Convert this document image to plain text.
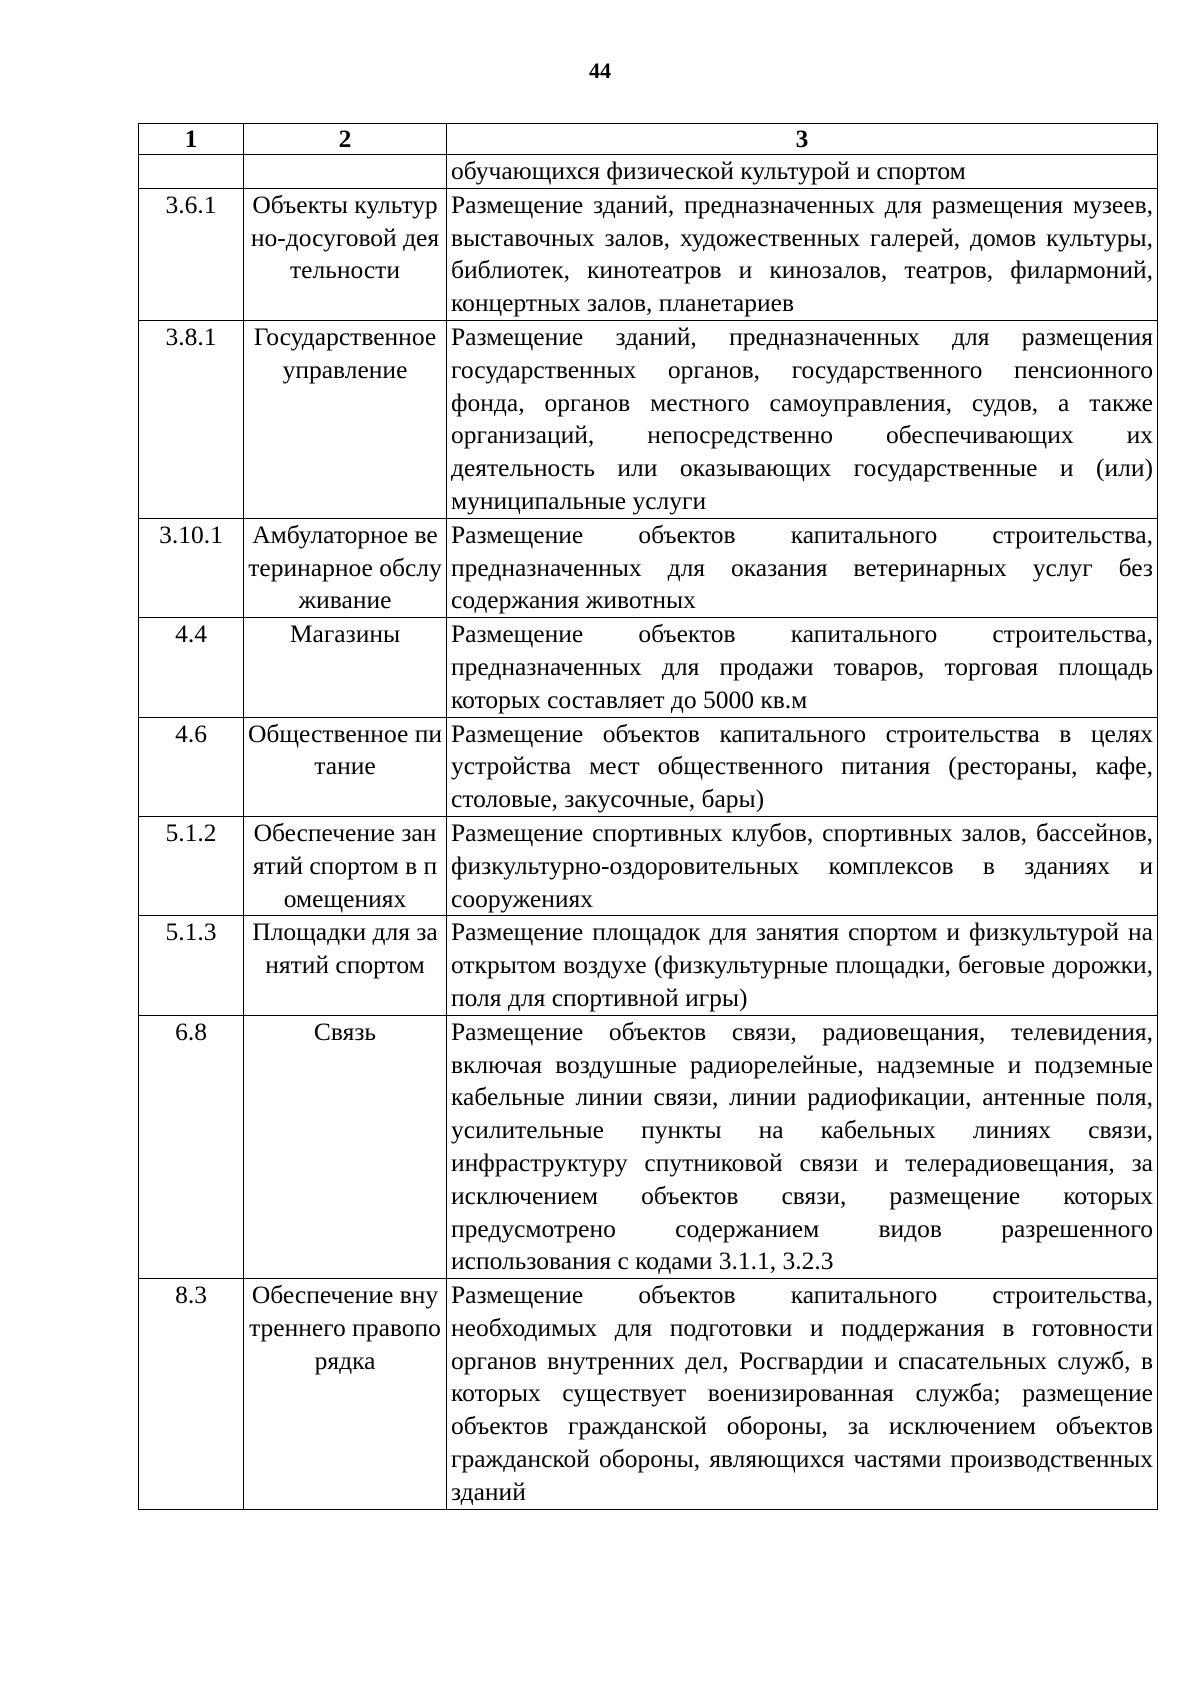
44
1	2	3
		обучающихся физической культурой и спортом
3.6.1	Объекты культурно-досуговой деятельности	Размещение зданий, предназначенных для размещения музеев, выставочных залов, художественных галерей, домов культуры, библиотек, кинотеатров и кинозалов, театров, филармоний, концертных залов, планетариев
3.8.1	Государственное управление	Размещение зданий, предназначенных для размещения государственных органов, государственного пенсионного фонда, органов местного самоуправления, судов, а также организаций, непосредственно обеспечивающих их деятельность или оказывающих государственные и (или) муниципальные услуги
3.10.1	Амбулаторное ветеринарное обслуживание	Размещение объектов капитального строительства, предназначенных для оказания ветеринарных услуг без содержания животных
4.4	Магазины	Размещение объектов капитального строительства, предназначенных для продажи товаров, торговая площадь которых составляет до 5000 кв.м
4.6	Общественное питание	Размещение объектов капитального строительства в целях устройства мест общественного питания (рестораны, кафе, столовые, закусочные, бары)
5.1.2	Обеспечение занятий спортом в помещениях	Размещение спортивных клубов, спортивных залов, бассейнов, физкультурно-оздоровительных комплексов в зданиях и сооружениях
5.1.3	Площадки для занятий спортом	Размещение площадок для занятия спортом и физкультурой на открытом воздухе (физкультурные площадки, беговые дорожки, поля для спортивной игры)
6.8	Связь	Размещение объектов связи, радиовещания, телевидения, включая воздушные радиорелейные, надземные и подземные кабельные линии связи, линии радиофикации, антенные поля, усилительные пункты на кабельных линиях связи, инфраструктуру спутниковой связи и телерадиовещания, за исключением объектов связи, размещение которых предусмотрено содержанием видов разрешенного использования с кодами 3.1.1, 3.2.3
8.3	Обеспечение внутреннего правопорядка	Размещение объектов капитального строительства, необходимых для подготовки и поддержания в готовности органов внутренних дел, Росгвардии и спасательных служб, в которых существует военизированная служба; размещение объектов гражданской обороны, за исключением объектов гражданской обороны, являющихся частями производственных зданий
